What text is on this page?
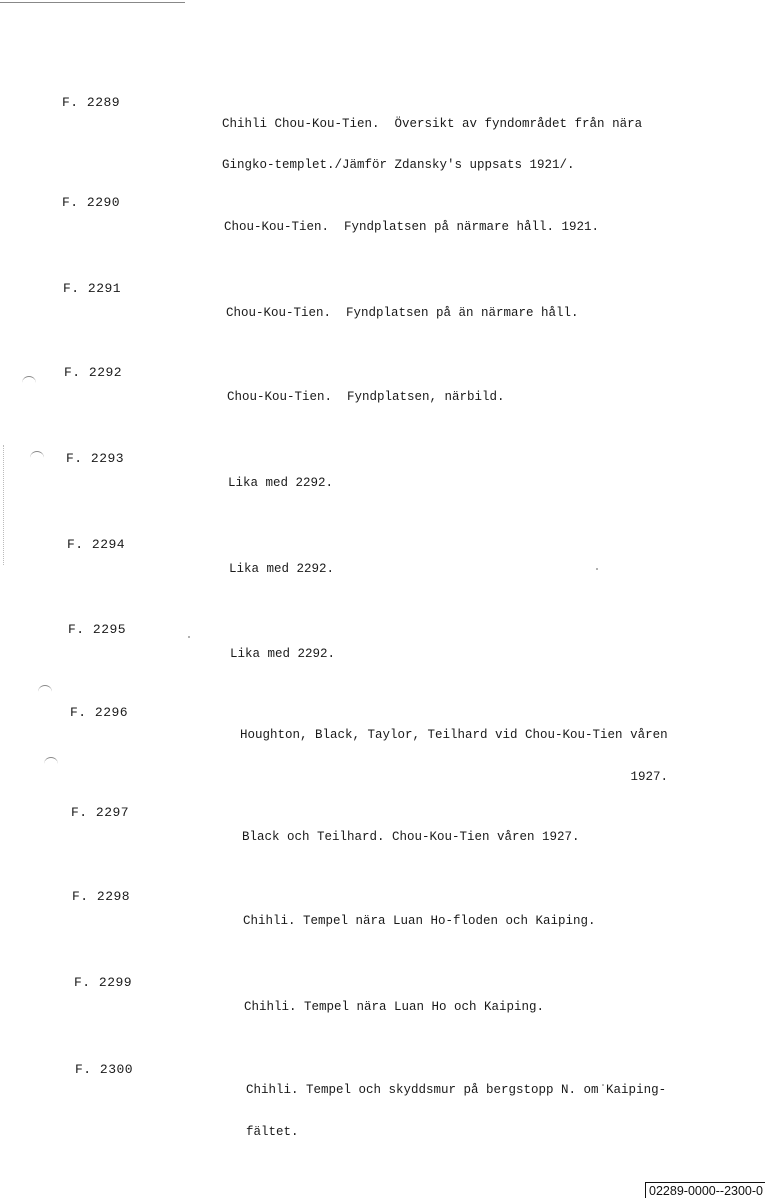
F. 2289

Chihli Chou-Kou-Tien.  Översikt av fyndområdet från nära

Gingko-templet./Jämför Zdansky's uppsats 1921/.

F. 2290

Chou-Kou-Tien.  Fyndplatsen på närmare håll. 1921.

F. 2291

Chou-Kou-Tien.  Fyndplatsen på än närmare håll.

F. 2292

Chou-Kou-Tien.  Fyndplatsen, närbild.

F. 2293

Lika med 2292.

F. 2294

Lika med 2292.

F. 2295

Lika med 2292.

F. 2296

Houghton, Black, Taylor, Teilhard vid Chou-Kou-Tien våren

1927.

F. 2297

Black och Teilhard. Chou-Kou-Tien våren 1927.

F. 2298

Chihli. Tempel nära Luan Ho-floden och Kaiping.

F. 2299

Chihli. Tempel nära Luan Ho och Kaiping.

F. 2300

Chihli. Tempel och skyddsmur på bergstopp N. om Kaiping-

fältet.

02289-0000--2300-0
